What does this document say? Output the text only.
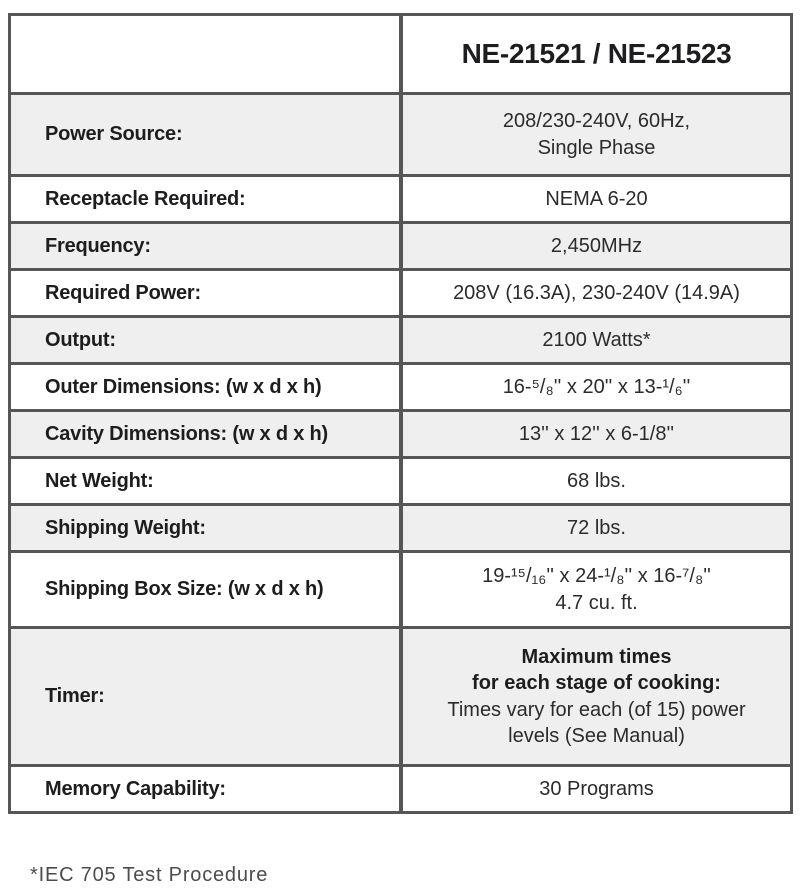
NE-21521 / NE-21523
Power Source:
208/230-240V, 60Hz,
Single Phase
Receptacle Required:	NEMA 6-20
Frequency:	2,450MHz
Required Power:	208V (16.3A), 230-240V (14.9A)
Output:	2100 Watts*
Outer Dimensions: (w x d x h)	16-⁵/₈'' x 20'' x 13-¹/₆''
Cavity Dimensions: (w x d x h)	13'' x 12'' x 6-1/8''
Net Weight:	68 lbs.
Shipping Weight:	72 lbs.
Shipping Box Size: (w x d x h)
19-¹⁵/₁₆'' x 24-¹/₈'' x 16-⁷/₈''
4.7 cu. ft.
Timer:
Maximum times
for each stage of cooking:
Times vary for each (of 15) power
levels (See Manual)
Memory Capability:	30 Programs
*IEC 705 Test Procedure
